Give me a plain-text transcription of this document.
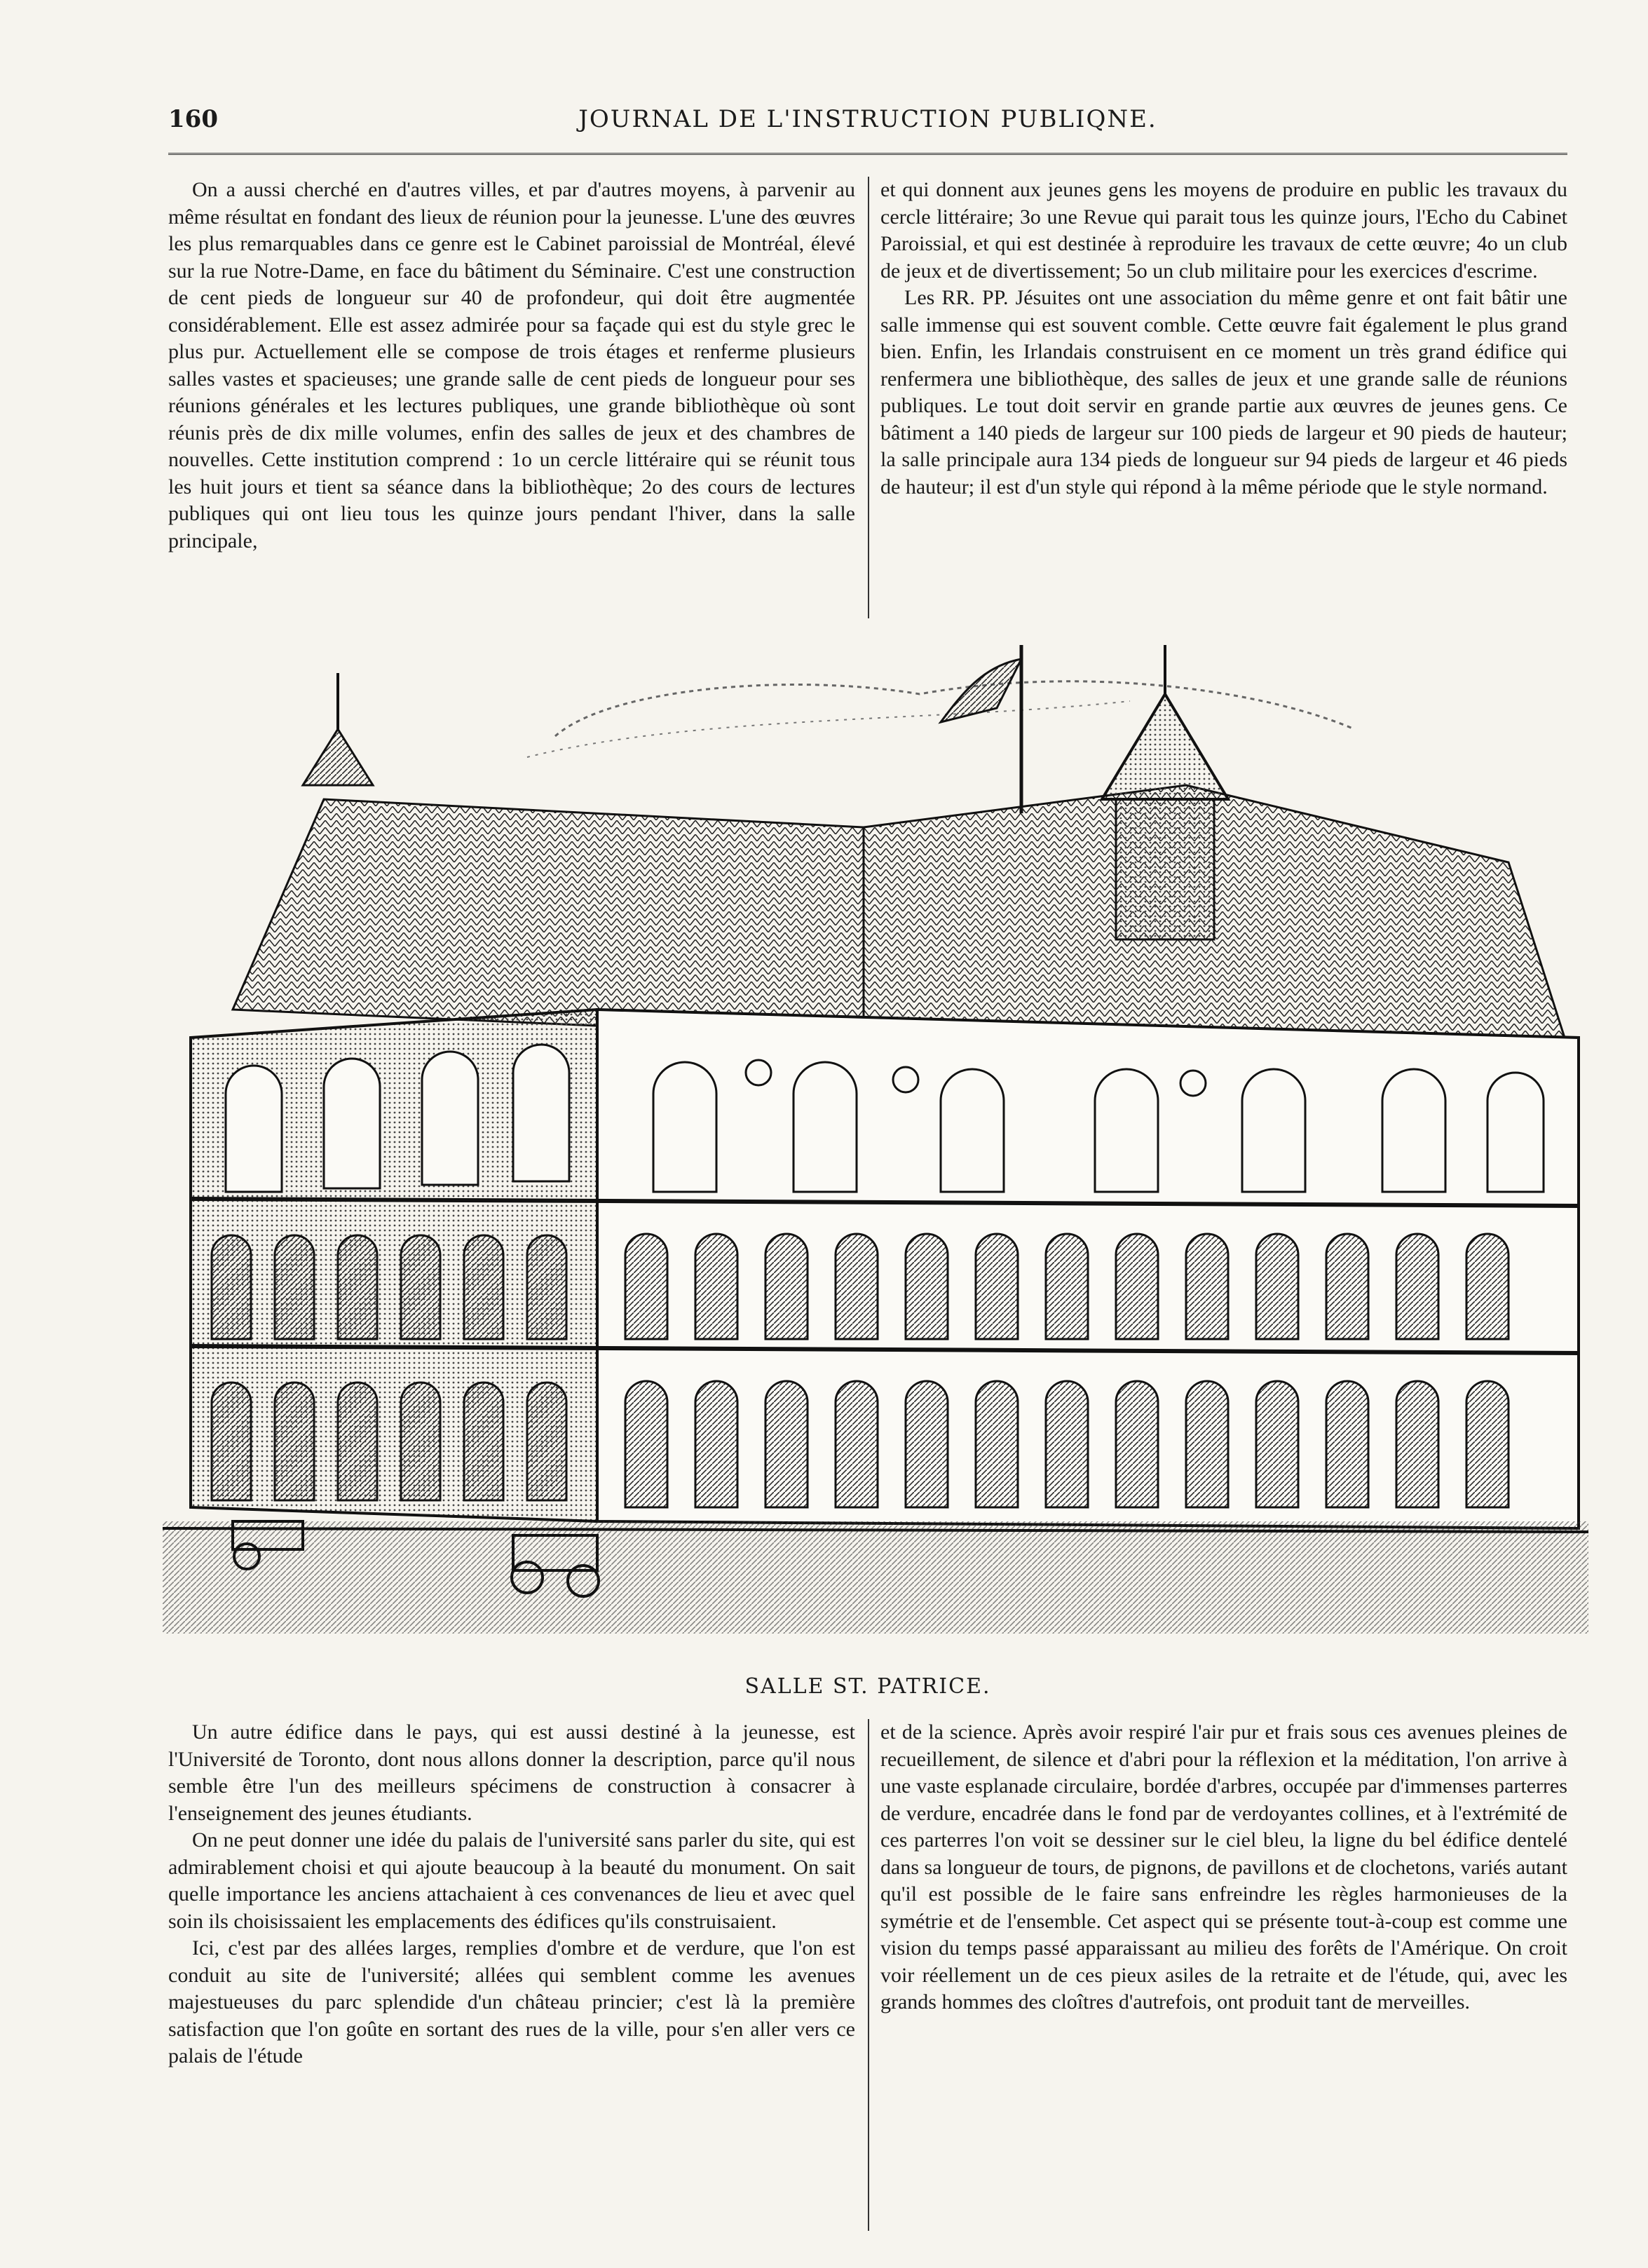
160	JOURNAL DE L'INSTRUCTION PUBLIQNE.

On a aussi cherché en d'autres villes, et par d'autres moyens, à parvenir au même résultat en fondant des lieux de réunion pour la jeunesse. L'une des œuvres les plus remarquables dans ce genre est le Cabinet paroissial de Montréal, élevé sur la rue Notre-Dame, en face du bâtiment du Séminaire. C'est une construction de cent pieds de longueur sur 40 de profondeur, qui doit être augmentée considérablement. Elle est assez admirée pour sa façade qui est du style grec le plus pur. Actuellement elle se compose de trois étages et renferme plusieurs salles vastes et spacieuses; une grande salle de cent pieds de longueur pour ses réunions générales et les lectures publiques, une grande bibliothèque où sont réunis près de dix mille volumes, enfin des salles de jeux et des chambres de nouvelles. Cette institution comprend : 1o un cercle littéraire qui se réunit tous les huit jours et tient sa séance dans la bibliothèque; 2o des cours de lectures publiques qui ont lieu tous les quinze jours pendant l'hiver, dans la salle principale,

et qui donnent aux jeunes gens les moyens de produire en public les travaux du cercle littéraire; 3o une Revue qui parait tous les quinze jours, l'Echo du Cabinet Paroissial, et qui est destinée à reproduire les travaux de cette œuvre; 4o un club de jeux et de divertissement; 5o un club militaire pour les exercices d'escrime.

Les RR. PP. Jésuites ont une association du même genre et ont fait bâtir une salle immense qui est souvent comble. Cette œuvre fait également le plus grand bien. Enfin, les Irlandais construisent en ce moment un très grand édifice qui renfermera une bibliothèque, des salles de jeux et une grande salle de réunions publiques. Le tout doit servir en grande partie aux œuvres de jeunes gens. Ce bâtiment a 140 pieds de largeur sur 100 pieds de largeur et 90 pieds de hauteur; la salle principale aura 134 pieds de longueur sur 94 pieds de largeur et 46 pieds de hauteur; il est d'un style qui répond à la même période que le style normand.

SALLE ST. PATRICE.

Un autre édifice dans le pays, qui est aussi destiné à la jeunesse, est l'Université de Toronto, dont nous allons donner la description, parce qu'il nous semble être l'un des meilleurs spécimens de construction à consacrer à l'enseignement des jeunes étudiants.

On ne peut donner une idée du palais de l'université sans parler du site, qui est admirablement choisi et qui ajoute beaucoup à la beauté du monument. On sait quelle importance les anciens attachaient à ces convenances de lieu et avec quel soin ils choisissaient les emplacements des édifices qu'ils construisaient.

Ici, c'est par des allées larges, remplies d'ombre et de verdure, que l'on est conduit au site de l'université; allées qui semblent comme les avenues majestueuses du parc splendide d'un château princier; c'est là la première satisfaction que l'on goûte en sortant des rues de la ville, pour s'en aller vers ce palais de l'étude

et de la science. Après avoir respiré l'air pur et frais sous ces avenues pleines de recueillement, de silence et d'abri pour la réflexion et la méditation, l'on arrive à une vaste esplanade circulaire, bordée d'arbres, occupée par d'immenses parterres de verdure, encadrée dans le fond par de verdoyantes collines, et à l'extrémité de ces parterres l'on voit se dessiner sur le ciel bleu, la ligne du bel édifice dentelé dans sa longueur de tours, de pignons, de pavillons et de clochetons, variés autant qu'il est possible de le faire sans enfreindre les règles harmonieuses de la symétrie et de l'ensemble. Cet aspect qui se présente tout-à-coup est comme une vision du temps passé apparaissant au milieu des forêts de l'Amérique. On croit voir réellement un de ces pieux asiles de la retraite et de l'étude, qui, avec les grands hommes des cloîtres d'autrefois, ont produit tant de merveilles.
